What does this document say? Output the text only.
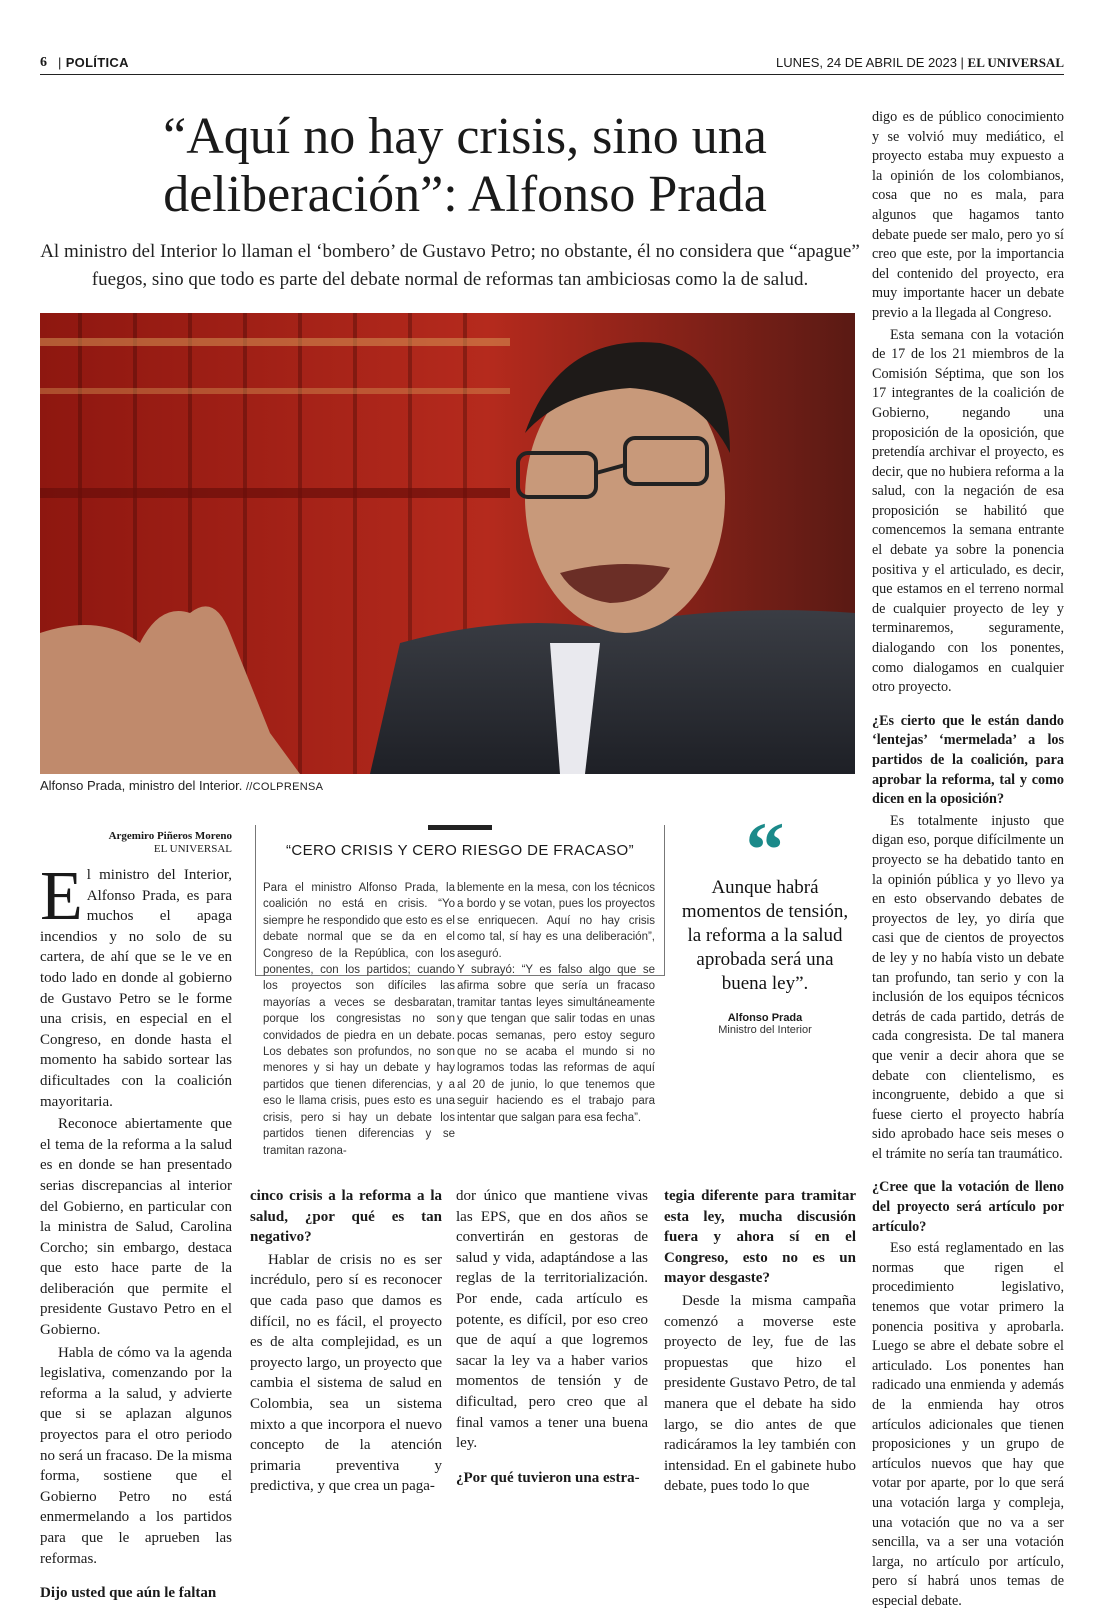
6
|	POLÍTICA	LUNES, 24 DE ABRIL DE 2023 | EL UNIVERSAL
“Aquí no hay crisis, sino una
deliberación”: Alfonso Prada

Al ministro del Interior lo llaman el ‘bombero’ de Gustavo Petro; no obstante, él no considera que “apague” fuegos, sino que todo es parte del debate normal de reformas tan ambiciosas como la de salud.

Alfonso Prada, ministro del Interior. //COLPRENSA
Argemiro Piñeros Moreno
EL UNIVERSAL

El ministro del Interior, Alfonso Prada, es para muchos el apaga incendios y no solo de su cartera, de ahí que se le ve en todo lado en donde al gobierno de Gustavo Petro se le forme una crisis, en especial en el Congreso, en donde hasta el momento ha sabido sortear las dificultades con la coalición mayoritaria.

Reconoce abiertamente que el tema de la reforma a la salud es en donde se han presentado serias discrepancias al interior del Gobierno, en particular con la ministra de Salud, Carolina Corcho; sin embargo, destaca que esto hace parte de la deliberación que permite el presidente Gustavo Petro en el Gobierno.

Habla de cómo va la agenda legislativa, comenzando por la reforma a la salud, y advierte que si se aplazan algunos proyectos para el otro periodo no será un fracaso. De la misma forma, sostiene que el Gobierno Petro no está enmermelando a los partidos para que le aprueben las reformas.

Dijo usted que aún le faltan

“CERO CRISIS Y CERO RIESGO DE FRACASO”

Para el ministro Alfonso Prada, la coalición no está en crisis. “Yo siempre he respondido que esto es el debate normal que se da en el Congreso de la República, con los ponentes, con los partidos; cuando los proyectos son difíciles las mayorías a veces se desbaratan, porque los congresistas no son convidados de piedra en un debate. Los debates son profundos, no son menores y si hay un debate y hay partidos que tienen diferencias, y a eso le llama crisis, pues esto es una crisis, pero si hay un debate los partidos tienen diferencias y se tramitan razona-

blemente en la mesa, con los técnicos a bordo y se votan, pues los proyectos se enriquecen. Aquí no hay crisis como tal, sí hay es una deliberación”, aseguró.

Y subrayó: “Y es falso algo que se afirma sobre que sería un fracaso tramitar tantas leyes simultáneamente y que tengan que salir todas en unas pocas semanas, pero estoy seguro que no se acaba el mundo si no logramos todas las reformas de aquí al 20 de junio, lo que tenemos que seguir haciendo es el trabajo para intentar que salgan para esa fecha”.

“
Aunque habrá momentos de tensión, la reforma a la salud aprobada será una buena ley”.
Alfonso Prada
Ministro del Interior

cinco crisis a la reforma a la salud, ¿por qué es tan negativo?

Hablar de crisis no es ser incrédulo, pero sí es reconocer que cada paso que damos es difícil, no es fácil, el proyecto es de alta complejidad, es un proyecto largo, un proyecto que cambia el sistema de salud en Colombia, sea un sistema mixto a que incorpora el nuevo concepto de la atención primaria preventiva y predictiva, y que crea un paga-

dor único que mantiene vivas las EPS, que en dos años se convertirán en gestoras de salud y vida, adaptándose a las reglas de la territorialización. Por ende, cada artículo es potente, es difícil, por eso creo que de aquí a que logremos sacar la ley va a haber varios momentos de tensión y de dificultad, pero creo que al final vamos a tener una buena ley.

¿Por qué tuvieron una estra-

tegia diferente para tramitar esta ley, mucha discusión fuera y ahora sí en el Congreso, esto no es un mayor desgaste?

Desde la misma campaña comenzó a moverse este proyecto de ley, fue de las propuestas que hizo el presidente Gustavo Petro, de tal manera que el debate ha sido largo, se dio antes de que radicáramos la ley también con intensidad. En el gabinete hubo debate, pues todo lo que

digo es de público conocimiento y se volvió muy mediático, el proyecto estaba muy expuesto a la opinión de los colombianos, cosa que no es mala, para algunos que hagamos tanto debate puede ser malo, pero yo sí creo que este, por la importancia del contenido del proyecto, era muy importante hacer un debate previo a la llegada al Congreso.

Esta semana con la votación de 17 de los 21 miembros de la Comisión Séptima, que son los 17 integrantes de la coalición de Gobierno, negando una proposición de la oposición, que pretendía archivar el proyecto, es decir, que no hubiera reforma a la salud, con la negación de esa proposición se habilitó que comencemos la semana entrante el debate ya sobre la ponencia positiva y el articulado, es decir, que estamos en el terreno normal de cualquier proyecto de ley y terminaremos, seguramente, dialogando con los ponentes, como dialogamos en cualquier otro proyecto.

¿Es cierto que le están dando ‘lentejas’ ‘mermelada’ a los partidos de la coalición, para aprobar la reforma, tal y como dicen en la oposición?

Es totalmente injusto que digan eso, porque difícilmente un proyecto se ha debatido tanto en la opinión pública y yo llevo ya en esto observando debates de proyectos de ley, yo diría que casi que de cientos de proyectos de ley y no había visto un debate tan profundo, tan serio y con la inclusión de los equipos técnicos detrás de cada partido, detrás de cada congresista. De tal manera que venir a decir ahora que se debate con clientelismo, es incongruente, debido a que si fuese cierto el proyecto habría sido aprobado hace seis meses o el trámite no sería tan traumático.

¿Cree que la votación de lleno del proyecto será artículo por artículo?

Eso está reglamentado en las normas que rigen el procedimiento legislativo, tenemos que votar primero la ponencia positiva y aprobarla. Luego se abre el debate sobre el articulado. Los ponentes han radicado una enmienda y además de la enmienda hay otros artículos adicionales que tienen proposiciones y un grupo de artículos nuevos que hay que votar por aparte, por lo que será una votación larga y compleja, una votación que no va a ser sencilla, va a ser una votación larga, no artículo por artículo, pero sí habrá unos temas de especial debate.
